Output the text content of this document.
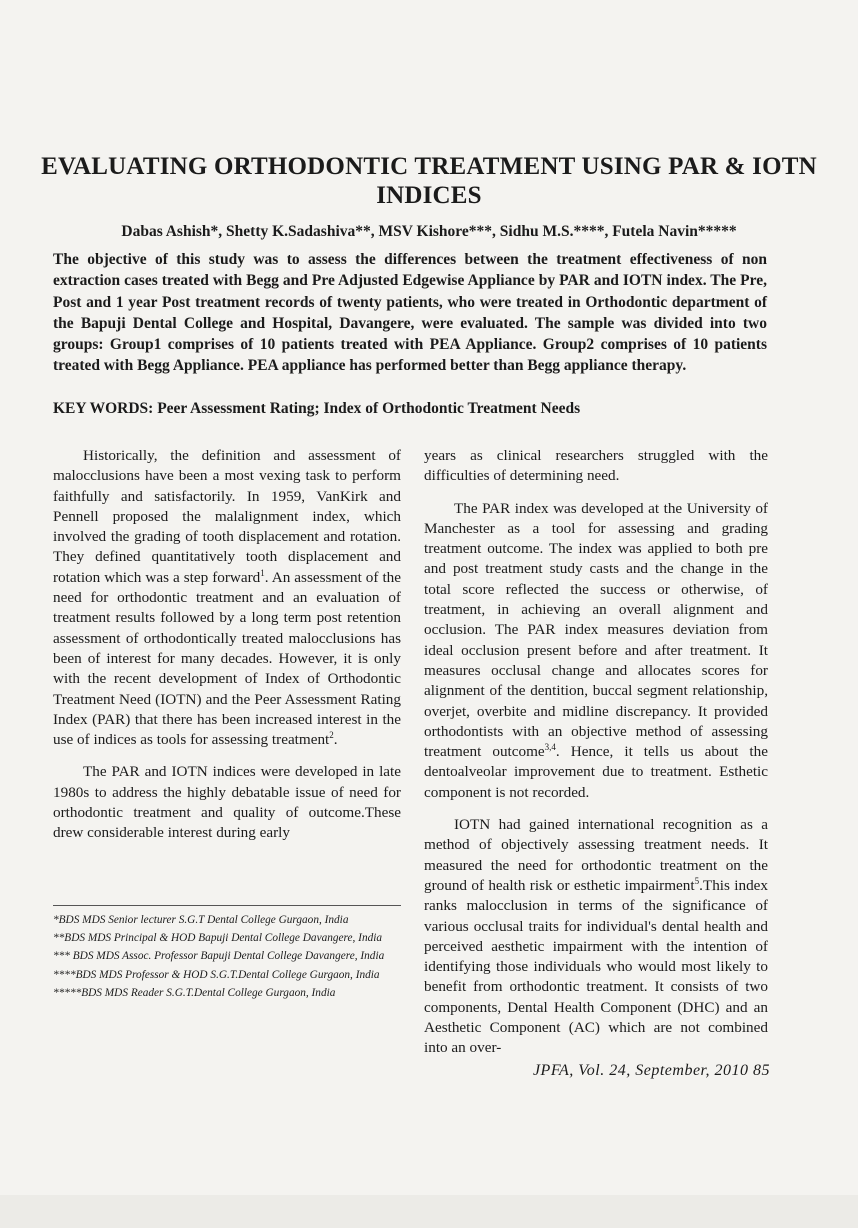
EVALUATING ORTHODONTIC TREATMENT USING PAR & IOTN
INDICES
Dabas Ashish*, Shetty K.Sadashiva**, MSV Kishore***, Sidhu M.S.****, Futela Navin*****

The objective of this study was to assess the differences between the treatment effectiveness of non extraction cases treated with Begg and Pre Adjusted Edgewise Appliance by PAR and IOTN index. The Pre, Post and 1 year Post treatment records of twenty patients, who were treated in Orthodontic department of the Bapuji Dental College and Hospital, Davangere, were evaluated. The sample was divided into two groups: Group1 comprises of 10 patients treated with PEA Appliance. Group2 comprises of 10 patients treated with Begg Appliance. PEA appliance has performed better than Begg appliance therapy.

KEY WORDS: Peer Assessment Rating; Index of Orthodontic Treatment Needs

Historically, the definition and assessment of malocclusions have been a most vexing task to perform faithfully and satisfactorily. In 1959, VanKirk and Pennell proposed the malalignment index, which involved the grading of tooth displacement and rotation. They defined quantitatively tooth displacement and rotation which was a step forward$^1$. An assessment of the need for orthodontic treatment and an evaluation of treatment results followed by a long term post retention assessment of orthodontically treated malocclusions has been of interest for many decades. However, it is only with the recent development of Index of Orthodontic Treatment Need (IOTN) and the Peer Assessment Rating Index (PAR) that there has been increased interest in the use of indices as tools for assessing treatment$^2$.

The PAR and IOTN indices were developed in late 1980s to address the highly debatable issue of need for orthodontic treatment and quality of outcome.These drew considerable interest during early

*BDS MDS Senior lecturer S.G.T Dental College Gurgaon, India
**BDS MDS Principal & HOD Bapuji Dental College Davangere, India
*** BDS MDS Assoc. Professor Bapuji Dental College Davangere, India
****BDS MDS Professor & HOD S.G.T.Dental College Gurgaon, India
*****BDS MDS Reader S.G.T.Dental College Gurgaon, India

years as clinical researchers struggled with the difficulties of determining need.

The PAR index was developed at the University of Manchester as a tool for assessing and grading treatment outcome. The index was applied to both pre and post treatment study casts and the change in the total score reflected the success or otherwise, of treatment, in achieving an overall alignment and occlusion. The PAR index measures deviation from ideal occlusion present before and after treatment. It measures occlusal change and allocates scores for alignment of the dentition, buccal segment relationship, overjet, overbite and midline discrepancy. It provided orthodontists with an objective method of assessing treatment outcome$^{3,4}$. Hence, it tells us about the dentoalveolar improvement due to treatment. Esthetic component is not recorded.

IOTN had gained international recognition as a method of objectively assessing treatment needs. It measured the need for orthodontic treatment on the ground of health risk or esthetic impairment$^5$.This index ranks malocclusion in terms of the significance of various occlusal traits for individual's dental health and perceived aesthetic impairment with the intention of identifying those individuals who would most likely to benefit from orthodontic treatment. It consists of two components, Dental Health Component (DHC) and an Aesthetic Component (AC) which are not combined into an over-

JPFA, Vol. 24, September, 2010 85
